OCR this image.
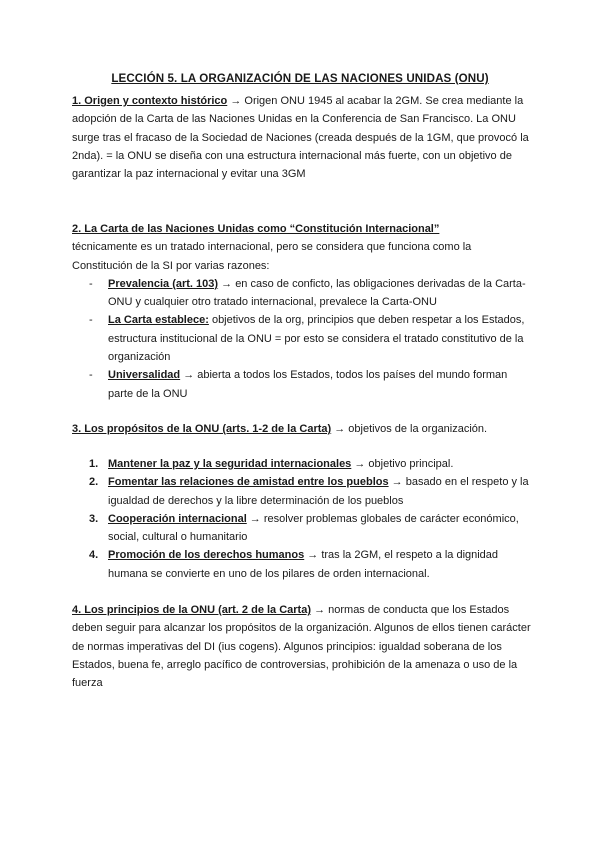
LECCIÓN 5. LA ORGANIZACIÓN DE LAS NACIONES UNIDAS (ONU)

1. Origen y contexto histórico → Origen ONU 1945 al acabar la 2GM. Se crea mediante la adopción de la Carta de las Naciones Unidas en la Conferencia de San Francisco. La ONU surge tras el fracaso de la Sociedad de Naciones (creada después de la 1GM, que provocó la 2nda). = la ONU se diseña con una estructura internacional más fuerte, con un objetivo de garantizar la paz internacional y evitar una 3GM

2. La Carta de las Naciones Unidas como “Constitución Internacional”

técnicamente es un tratado internacional, pero se considera que funciona como la Constitución de la SI por varias razones:

- Prevalencia (art. 103) → en caso de conficto, las obligaciones derivadas de la Carta-ONU y cualquier otro tratado internacional, prevalece la Carta-ONU
- La Carta establece: objetivos de la org, principios que deben respetar a los Estados, estructura institucional de la ONU = por esto se considera el tratado constitutivo de la organización
- Universalidad → abierta a todos los Estados, todos los países del mundo forman parte de la ONU

3. Los propósitos de la ONU (arts. 1-2 de la Carta) → objetivos de la organización.

1. Mantener la paz y la seguridad internacionales → objetivo principal.
2. Fomentar las relaciones de amistad entre los pueblos → basado en el respeto y la igualdad de derechos y la libre determinación de los pueblos
3. Cooperación internacional → resolver problemas globales de carácter económico, social, cultural o humanitario
4. Promoción de los derechos humanos → tras la 2GM, el respeto a la dignidad humana se convierte en uno de los pilares de orden internacional.

4. Los principios de la ONU (art. 2 de la Carta) → normas de conducta que los Estados deben seguir para alcanzar los propósitos de la organización. Algunos de ellos tienen carácter de normas imperativas del DI (ius cogens). Algunos principios: igualdad soberana de los Estados, buena fe, arreglo pacífico de controversias, prohibición de la amenaza o uso de la fuerza
